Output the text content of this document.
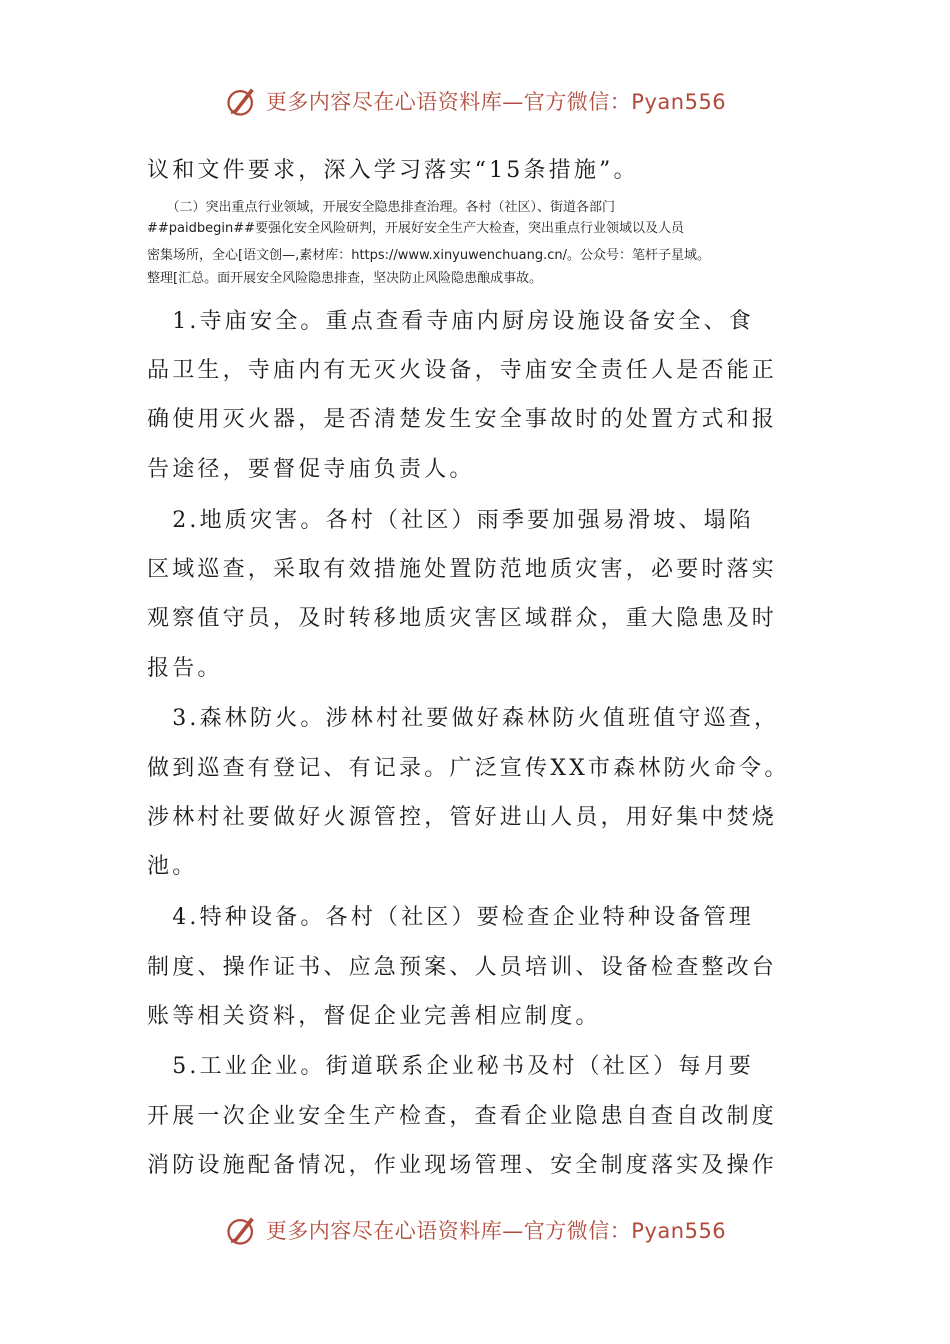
更多内容尽在心语资料库—官方微信：Pyan556
议和文件要求，深入学习落实“15条措施”。
　　（二）突出重点行业领域，开展安全隐患排查治理。各村（社区）、街道各部门
##paidbegin##要强化安全风险研判，开展好安全生产大检查，突出重点行业领域以及人员
密集场所，全心[语文创—,素材库：https://www.xinyuwenchuang.cn/。公众号：笔杆子星域。
整理[汇总。面开展安全风险隐患排查，坚决防止风险隐患酿成事故。
　1.寺庙安全。重点查看寺庙内厨房设施设备安全、食
品卫生，寺庙内有无灭火设备，寺庙安全责任人是否能正
确使用灭火器，是否清楚发生安全事故时的处置方式和报
告途径，要督促寺庙负责人。
　2.地质灾害。各村（社区）雨季要加强易滑坡、塌陷
区域巡查，采取有效措施处置防范地质灾害，必要时落实
观察值守员，及时转移地质灾害区域群众，重大隐患及时
报告。
　3.森林防火。涉林村社要做好森林防火值班值守巡查，
做到巡查有登记、有记录。广泛宣传XX市森林防火命令。
涉林村社要做好火源管控，管好进山人员，用好集中焚烧
池。
　4.特种设备。各村（社区）要检查企业特种设备管理
制度、操作证书、应急预案、人员培训、设备检查整改台
账等相关资料，督促企业完善相应制度。
　5.工业企业。街道联系企业秘书及村（社区）每月要
开展一次企业安全生产检查，查看企业隐患自查自改制度
消防设施配备情况，作业现场管理、安全制度落实及操作
更多内容尽在心语资料库—官方微信：Pyan556
